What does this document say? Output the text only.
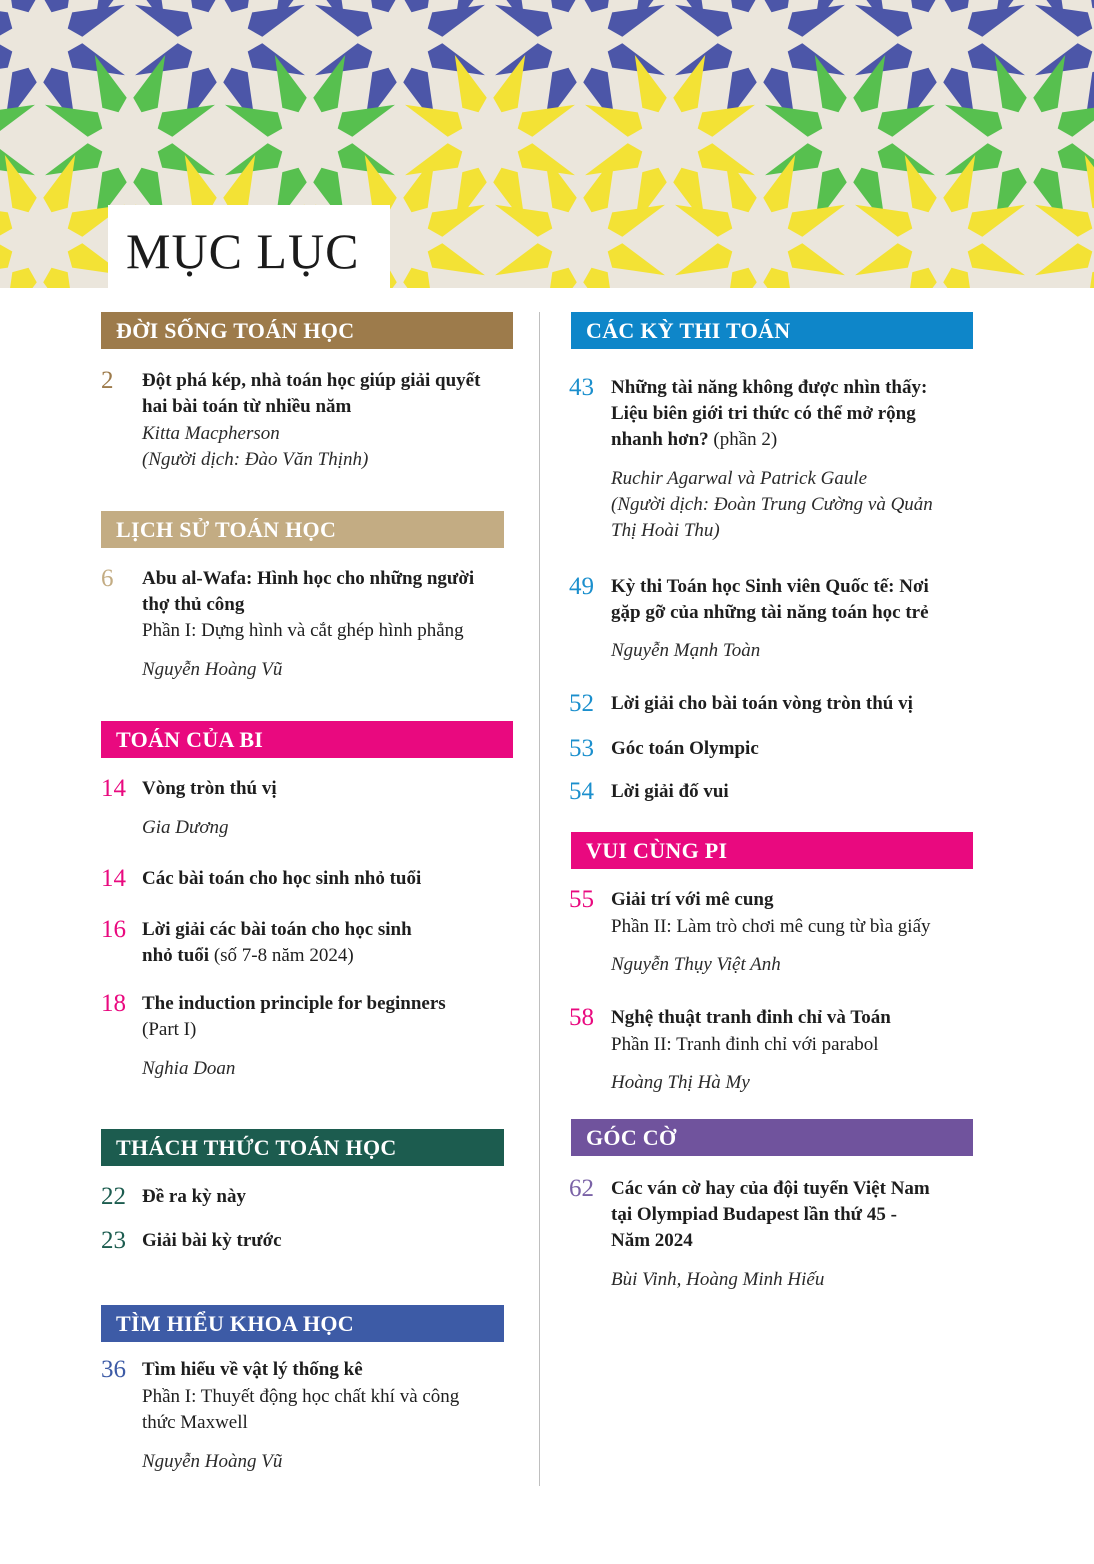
MỤC LỤC
ĐỜI SỐNG TOÁN HỌC
2 Đột phá kép, nhà toán học giúp giải quyết
hai bài toán từ nhiều năm
Kitta Macpherson
(Người dịch: Đào Văn Thịnh)
LỊCH SỬ TOÁN HỌC
6 Abu al-Wafa: Hình học cho những người
thợ thủ công
Phần I: Dựng hình và cắt ghép hình phẳng
Nguyễn Hoàng Vũ
TOÁN CỦA BI
14 Vòng tròn thú vị
Gia Dương
14 Các bài toán cho học sinh nhỏ tuổi
16 Lời giải các bài toán cho học sinh
nhỏ tuổi (số 7-8 năm 2024)
18 The induction principle for beginners
(Part I)
Nghia Doan
THÁCH THỨC TOÁN HỌC
22 Đề ra kỳ này
23 Giải bài kỳ trước
TÌM HIỂU KHOA HỌC
36 Tìm hiểu về vật lý thống kê
Phần I: Thuyết động học chất khí và công
thức Maxwell
Nguyễn Hoàng Vũ
CÁC KỲ THI TOÁN
43 Những tài năng không được nhìn thấy:
Liệu biên giới tri thức có thể mở rộng
nhanh hơn? (phần 2)
Ruchir Agarwal và Patrick Gaule
(Người dịch: Đoàn Trung Cường và Quản
Thị Hoài Thu)
49 Kỳ thi Toán học Sinh viên Quốc tế: Nơi
gặp gỡ của những tài năng toán học trẻ
Nguyễn Mạnh Toàn
52 Lời giải cho bài toán vòng tròn thú vị
53 Góc toán Olympic
54 Lời giải đố vui
VUI CÙNG PI
55 Giải trí với mê cung
Phần II: Làm trò chơi mê cung từ bìa giấy
Nguyễn Thụy Việt Anh
58 Nghệ thuật tranh đinh chỉ và Toán
Phần II: Tranh đinh chỉ với parabol
Hoàng Thị Hà My
GÓC CỜ
62 Các ván cờ hay của đội tuyển Việt Nam
tại Olympiad Budapest lần thứ 45 -
Năm 2024
Bùi Vinh, Hoàng Minh Hiếu
